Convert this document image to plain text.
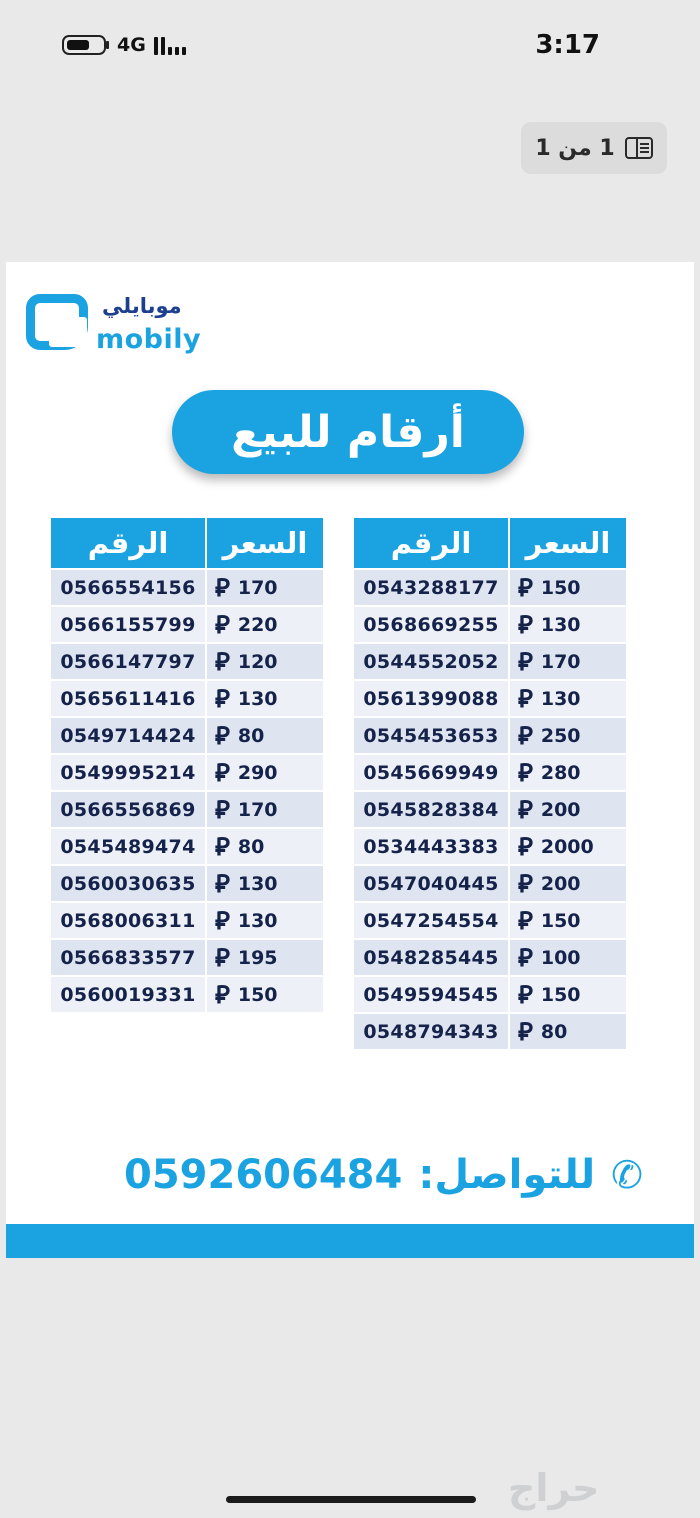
4G	3:17
1 من 1
موبايلي
mobily
أرقام للبيع
الرقم	السعر
0543288177 ⃁ 150
0568669255 ⃁ 130
0544552052 ⃁ 170
0561399088 ⃁ 130
0545453653 ⃁ 250
0545669949 ⃁ 280
0545828384 ⃁ 200
0534443383 ⃁ 2000
0547040445 ⃁ 200
0547254554 ⃁ 150
0548285445 ⃁ 100
0549594545 ⃁ 150
0548794343 ⃁ 80
الرقم	السعر
0566554156 ⃁ 170
0566155799 ⃁ 220
0566147797 ⃁ 120
0565611416 ⃁ 130
0549714424 ⃁ 80
0549995214 ⃁ 290
0566556869 ⃁ 170
0545489474 ⃁ 80
0560030635 ⃁ 130
0568006311 ⃁ 130
0566833577 ⃁ 195
0560019331 ⃁ 150
0592606484 للتواصل: ✆
حراج
